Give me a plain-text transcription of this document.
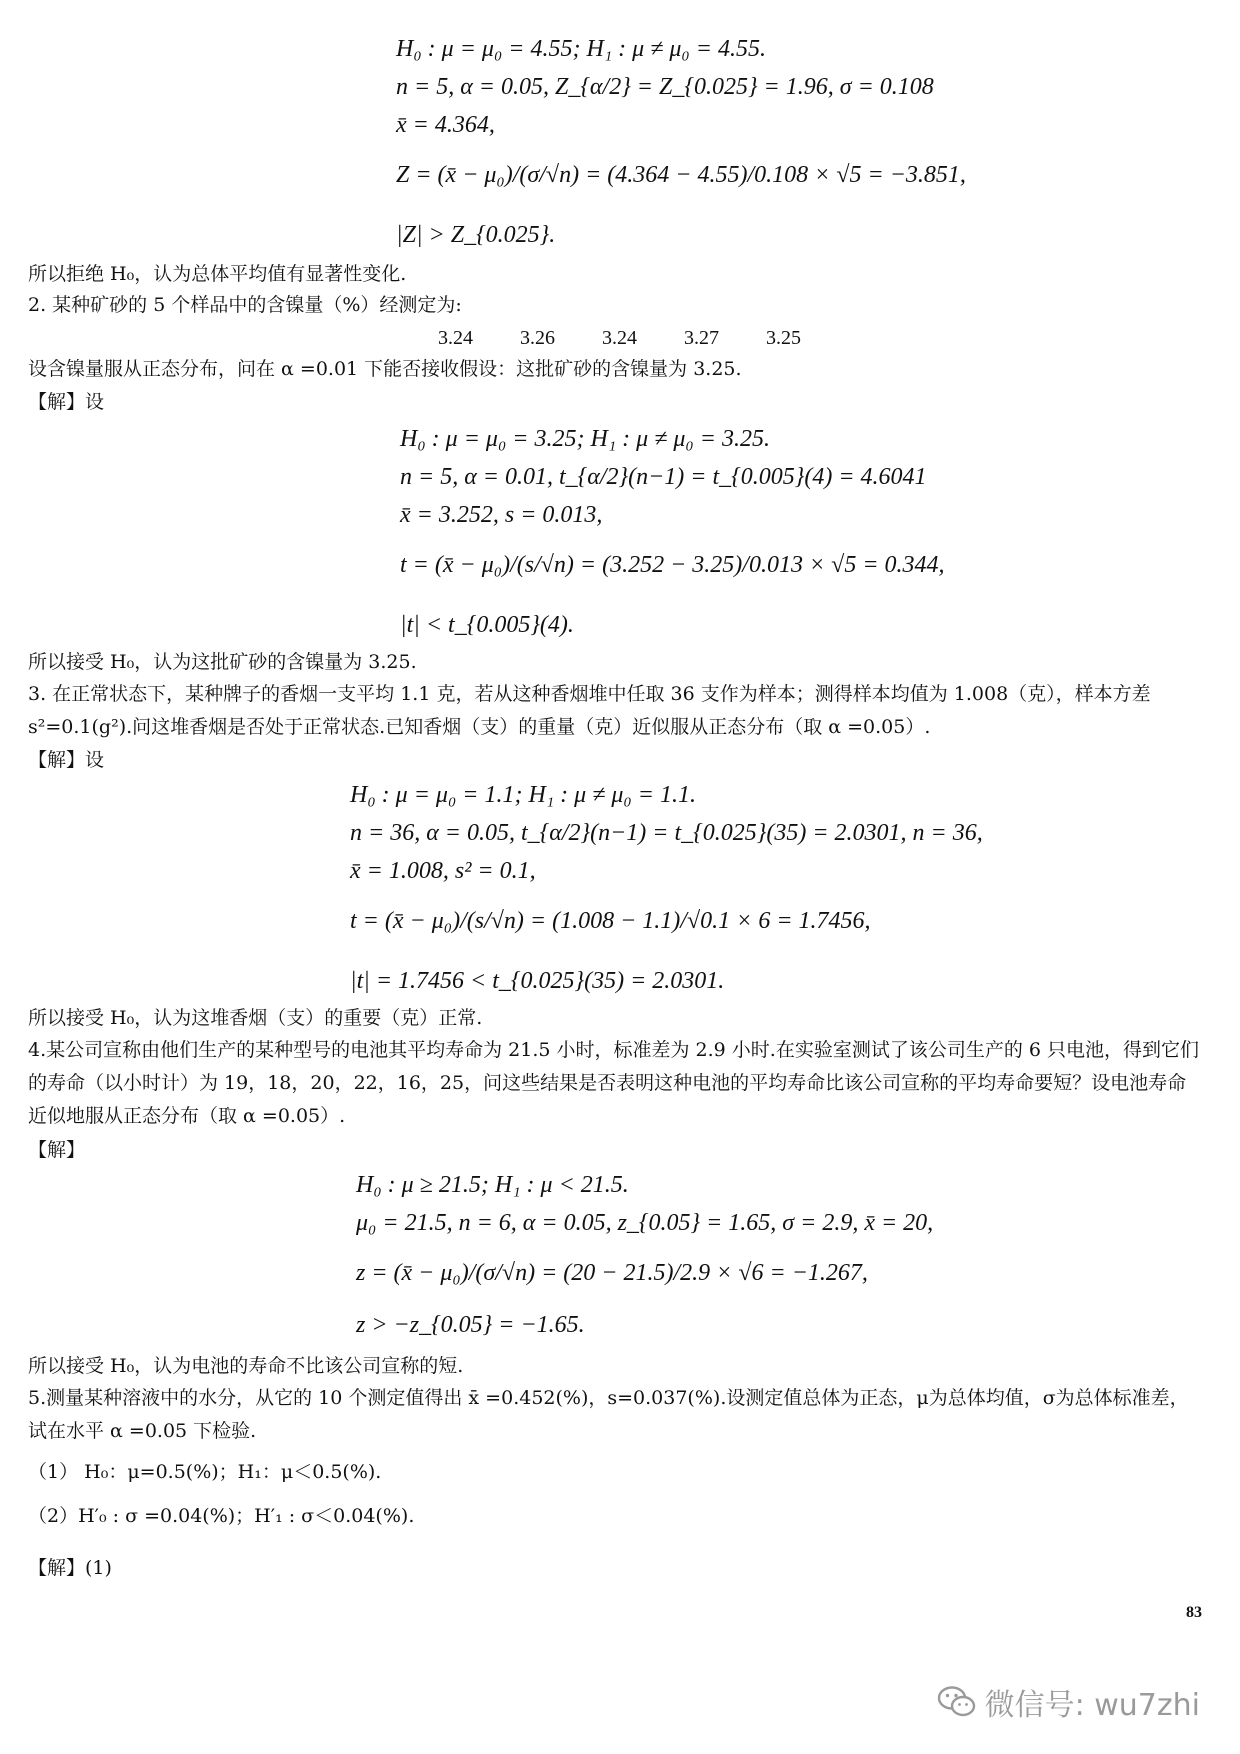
H₀ : μ = μ₀ = 4.55; H₁ : μ ≠ μ₀ = 4.55.
n = 5, α = 0.05, Z_{α/2} = Z_{0.025} = 1.96, σ = 0.108
x̄ = 4.364,
Z = (x̄ − μ₀)/(σ/√n) = (4.364 − 4.55)/0.108 × √5 = −3.851,
|Z| > Z_{0.025}.
所以拒绝 H₀，认为总体平均值有显著性变化.
2. 某种矿砂的 5 个样品中的含镍量（%）经测定为:
3.24 3.26 3.24 3.27 3.25
设含镍量服从正态分布，问在 α =0.01 下能否接收假设：这批矿砂的含镍量为 3.25.
【解】设
H₀ : μ = μ₀ = 3.25; H₁ : μ ≠ μ₀ = 3.25.
n = 5, α = 0.01, t_{α/2}(n−1) = t_{0.005}(4) = 4.6041
x̄ = 3.252, s = 0.013,
t = (x̄ − μ₀)/(s/√n) = (3.252 − 3.25)/0.013 × √5 = 0.344,
|t| < t_{0.005}(4).
所以接受 H₀，认为这批矿砂的含镍量为 3.25.
3. 在正常状态下，某种牌子的香烟一支平均 1.1 克，若从这种香烟堆中任取 36 支作为样本；测得样本均值为 1.008（克），样本方差 s²=0.1(g²).问这堆香烟是否处于正常状态.已知香烟（支）的重量（克）近似服从正态分布（取 α =0.05）.
【解】设
H₀ : μ = μ₀ = 1.1; H₁ : μ ≠ μ₀ = 1.1.
n = 36, α = 0.05, t_{α/2}(n−1) = t_{0.025}(35) = 2.0301, n = 36,
x̄ = 1.008, s² = 0.1,
t = (x̄ − μ₀)/(s/√n) = (1.008 − 1.1)/√0.1 × 6 = 1.7456,
|t| = 1.7456 < t_{0.025}(35) = 2.0301.
所以接受 H₀，认为这堆香烟（支）的重要（克）正常.
4.某公司宣称由他们生产的某种型号的电池其平均寿命为 21.5 小时，标准差为 2.9 小时.在实验室测试了该公司生产的 6 只电池，得到它们的寿命（以小时计）为 19，18，20，22，16，25，问这些结果是否表明这种电池的平均寿命比该公司宣称的平均寿命要短？设电池寿命近似地服从正态分布（取 α =0.05）.
【解】
H₀ : μ ≥ 21.5; H₁ : μ < 21.5.
μ₀ = 21.5, n = 6, α = 0.05, z_{0.05} = 1.65, σ = 2.9, x̄ = 20,
z = (x̄ − μ₀)/(σ/√n) = (20 − 21.5)/2.9 × √6 = −1.267,
z > −z_{0.05} = −1.65.
所以接受 H₀，认为电池的寿命不比该公司宣称的短.
5.测量某种溶液中的水分，从它的 10 个测定值得出 x̄ =0.452(%)，s=0.037(%).设测定值总体为正态，μ为总体均值，σ为总体标准差，试在水平 α =0.05 下检验.
（1） H₀：μ=0.5(%)；H₁：μ＜0.5(%).
（2）H′₀ : σ =0.04(%)；H′₁ : σ＜0.04(%).
【解】(1)
83
微信号: wu7zhi
